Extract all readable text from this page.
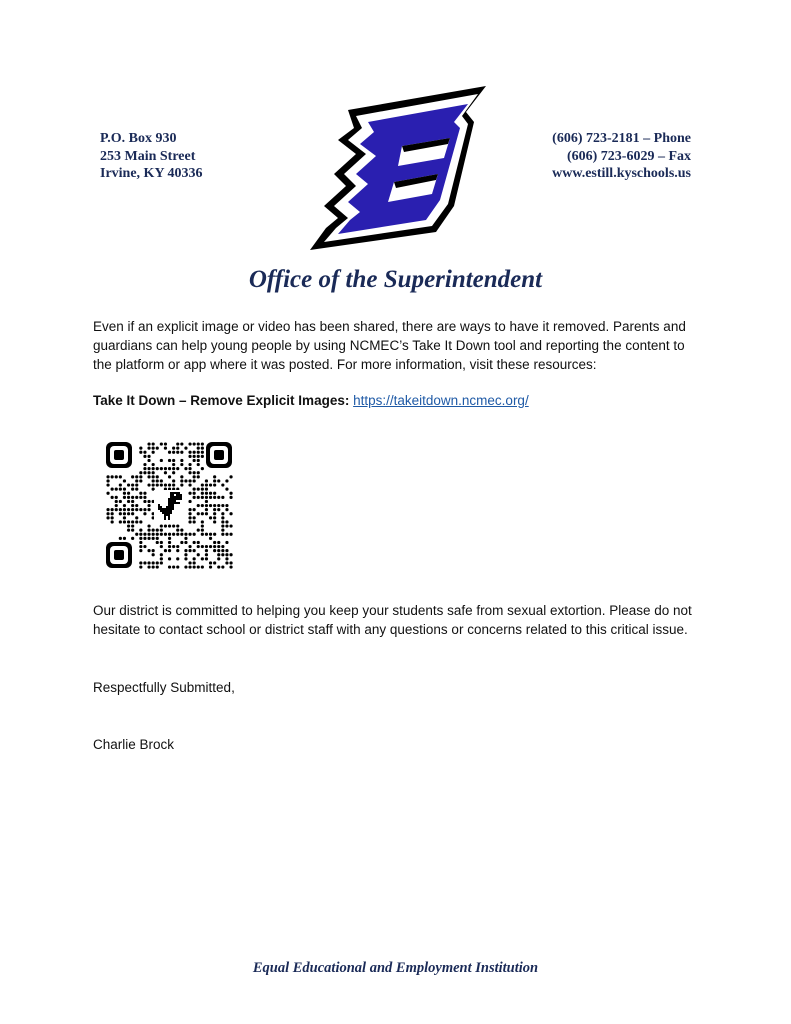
P.O. Box 930
253 Main Street
Irvine, KY 40336
(606) 723-2181 – Phone
(606) 723-6029 – Fax
www.estill.kyschools.us
Office of the Superintendent

Even if an explicit image or video has been shared, there are ways to have it removed. Parents and guardians can help young people by using NCMEC’s Take It Down tool and reporting the content to the platform or app where it was posted. For more information, visit these resources:

Take It Down – Remove Explicit Images: https://takeitdown.ncmec.org/

Our district is committed to helping you keep your students safe from sexual extortion. Please do not hesitate to contact school or district staff with any questions or concerns related to this critical issue.

Respectfully Submitted,

Charlie Brock

Equal Educational and Employment Institution
